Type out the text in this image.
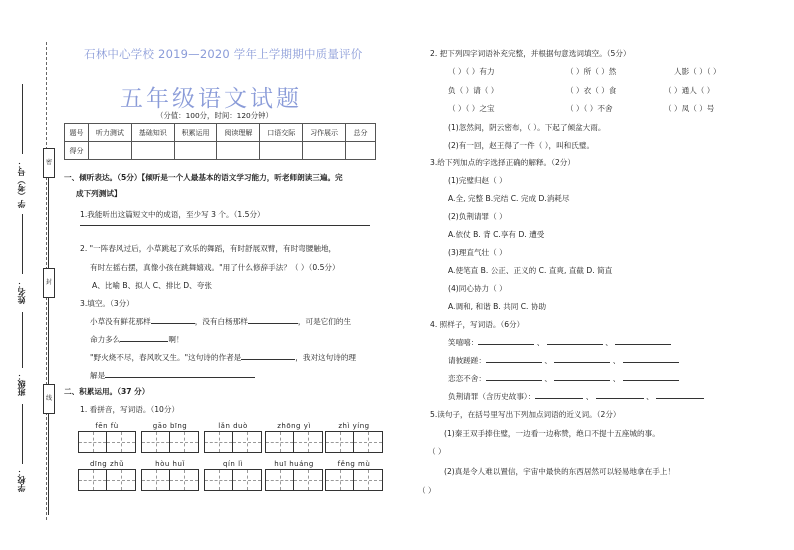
密
封
线
学（考）号：
姓名：
班级：
学校：
石林中心学校 2019—2020 学年上学期期中质量评价
五年级语文试题
（分值：100分，时间：120分钟）
题号	听力测试	基础知识	积累运用	阅读理解	口语交际	习作展示	总分
得分							
一、倾听表达。（5分）【倾听是一个人最基本的语文学习能力，听老师朗读三遍。完
成下列测试】
1.我能听出这篇短文中的成语，至少写 3 个。（1.5分）
2. "一阵春风过后，小草跳起了欢乐的舞蹈，有时舒展双臂，有时弯腰触地，
有时左摇右摆，真像小孩在跳舞嬉戏。"用了什么修辞手法？（ ）（0.5分）
A、比喻 B、拟人 C、排比 D、夸张
3.填空。（3分）
小草没有鲜花那样	，没有白杨那样	，可是它们的生
命力多么	啊！
"野火烧不尽，春风吹又生。"这句诗的作者是	，我对这句诗的理
解是
二、积累运用。（37 分）
1. 看拼音，写词语。（10分）
fēn fù	gāo bīng	lǎn duò	zhōng yì	zhì yíng
dīng zhǔ	hòu huǐ	qín lì	huī huáng	fěng mù
2. 把下列四字词语补充完整，并根据句意选词填空。（5分）
（ ）（ ）有力	（ ）所（ ）然	人影（ ）（ ）
负（ ）请（ ）	（ ）衣（ ）食	（ ）通人（ ）
（ ）（ ）之宝	（ ）（ ）不舍	（ ）凤（ ）号
(1)忽然间，阴云密布，（ ）。下起了倾盆大雨。
(2)有一回，赵王得了一件（ ），叫和氏璧。
3.给下列加点的字选择正确的解释。（2分）
(1)完璧归赵（ ）
A.全, 完整 B.完结 C. 完成 D.消耗尽
(2)负荆请罪（ ）
A.依仗 B. 背 C.享有 D. 遭受
(3)理直气壮（ ）
A.使笔直 B. 公正、正义的 C. 直爽, 直截 D. 简直
(4)同心协力（ ）
A.调和, 和谐 B. 共同 C. 协助
4. 照样子，写词语。（6分）
笑嘻嘻：	、	、
请彼蹉蹉：	、	、
恋恋不舍：	、	、
负荆请罪（含历史故事）：	、	、
5.读句子，在括号里写出下列加点词语的近义词。（2分）
(1)秦王双手捧住璧，一边看一边称赞，绝口不提十五座城的事。
（ ）
(2)真是令人难以置信，宇宙中最快的东西居然可以轻易地拿在手上！
（ ）
